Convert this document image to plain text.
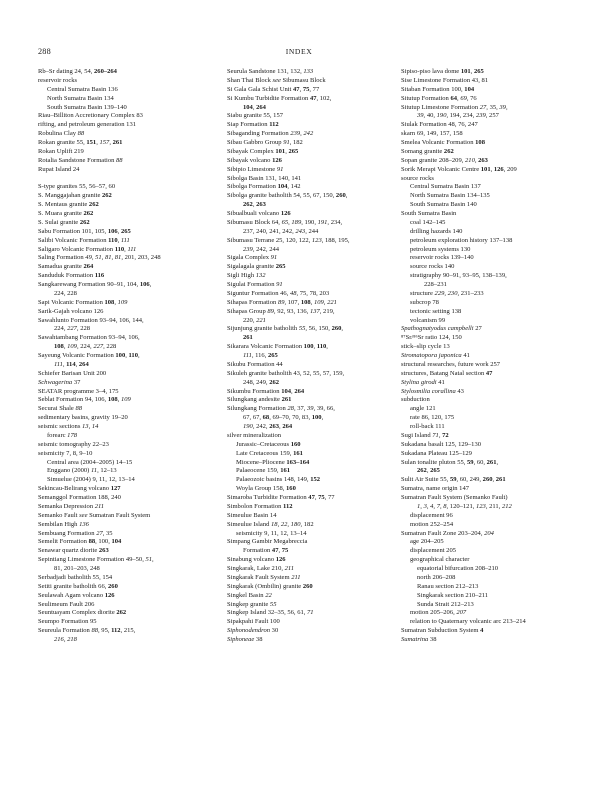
288	INDEX
Rb–Sr dating 24, 54, 260–264
reservoir rocks
Central Sumatra Basin 136
North Sumatra Basin 134
South Sumatra Basin 139–140
Riau–Billiton Accretionary Complex 83
rifting, and petroleum generation 131
Robulina Clay 88
Rokan granite 55, 151, 157, 261
Rokan Uplift 219
Rotalia Sandstone Formation 88
Rupat Island 24
S-type granites 55, 56–57, 60
S. Manggajahan granite 262
S. Mentaus granite 262
S. Muara granite 262
S. Sulai granite 262
Sabu Formation 101, 105, 106, 265
Salibi Volcanic Formation 110, 111
Saligaro Volcanic Formation 110, 111
Saling Formation 49, 51, 81, 81, 201, 203, 248
Samadua granite 264
Sanduduk Formation 116
Sangkarewang Formation 90–91, 104, 106,
224, 228
Sapi Volcanic Formation 108, 109
Sarik-Gajah volcano 126
Sawahlunto Formation 93–94, 106, 144,
224, 227, 228
Sawahtambang Formation 93–94, 106,
108, 109, 224, 227, 228
Sayeung Volcanic Formation 100, 110,
111, 114, 264
Schiefer Barisan Unit 200
Schwagerina 37
SEATAR programme 3–4, 175
Seblat Formation 94, 106, 108, 109
Securai Shale 88
sedimentary basins, gravity 19–20
seismic sections 13, 14
forearc 178
seismic tomography 22–23
seismicity 7, 8, 9–10
Central area (2004–2005) 14–15
Enggano (2000) 11, 12–13
Simuelue (2004) 9, 11, 12, 13–14
Sekincau-Belirang volcano 127
Semanggol Formation 188, 240
Semanka Depression 211
Semanko Fault see Sumatran Fault System
Sembilan High 136
Sembuang Formation 27, 35
Semelit Formation 88, 100, 104
Senawar quartz diorite 263
Sepintiang Limestone Formation 49–50, 51,
81, 201–203, 248
Serbadjadi batholith 55, 154
Setiti granite batholith 66, 260
Seulawah Agam volcano 126
Seulimeum Fault 206
Seuntuayam Complex diorite 262
Seumpo Formation 95
Seureula Formation 88, 95, 112, 215,
216, 218
Seurula Sandstone 131, 132, 133
Shan Thai Block see Sibumasu Block
Si Gala Gala Schist Unit 47, 75, 77
Si Kumbu Turbidite Formation 47, 102,
104, 264
Siabu granite 55, 157
Siap Formation 112
Sibaganding Formation 239, 242
Sibau Gabbro Group 91, 182
Sibayak Complex 101, 265
Sibayak volcano 126
Sibipio Limestone 91
Sibolga Basin 131, 140, 141
Sibolga Formation 104, 142
Sibolga granite batholith 54, 55, 67, 150, 260,
262, 263
Sibualbuali volcano 126
Sibumasu Block 64, 65, 189, 190, 191, 234,
237, 240, 241, 242, 243, 244
Sibumasu Terrane 25, 120, 122, 123, 188, 195,
239, 242, 244
Sigala Complex 91
Sigalagala granite 265
Sigli High 132
Sigulai Formation 91
Siguntur Formation 46, 48, 75, 78, 203
Sihapas Formation 89, 107, 108, 109, 221
Sihapas Group 89, 92, 93, 136, 137, 219,
220, 221
Sijunjung granite batholith 55, 56, 150, 260,
261
Sikarara Volcanic Formation 100, 110,
111, 116, 265
Sikubu Formation 44
Sikuleh granite batholith 43, 52, 55, 57, 159,
248, 249, 262
Sikumbu Formation 104, 264
Silungkang andesite 261
Silungkang Formation 28, 37, 39, 39, 66,
67, 67, 68, 69–70, 70, 83, 100,
190, 242, 263, 264
silver mineralization
Jurassic–Cretaceous 160
Late Cretaceous 159, 161
Miocene–Pliocene 163–164
Palaeocene 159, 161
Palaeozoic basins 148, 149, 152
Woyla Group 158, 160
Simaroba Turbidite Formation 47, 75, 77
Simbolon Formation 112
Simeulue Basin 14
Simeulue Island 18, 22, 180, 182
seismicity 9, 11, 12, 13–14
Simpang Gambir Megabreccia
Formation 47, 75
Sinabung volcano 126
Singkarak, Lake 210, 211
Singkarak Fault System 211
Singkarak (Ombilin) granite 260
Singkel Basin 22
Singkep granite 55
Singkep Island 32–35, 56, 61, 71
Sipakpahi Fault 100
Siphonodendron 30
Siphoneae 38
Sipiso-piso lava dome 101, 265
Sise Limestone Formation 43, 81
Sitaban Formation 100, 104
Situtup Formation 64, 69, 76
Situtup Limestone Formation 27, 35, 39,
39, 40, 190, 194, 234, 239, 257
Siulak Formation 48, 76, 247
skarn 69, 149, 157, 158
Smelea Volcanic Formation 108
Somang granite 262
Sopan granite 208–209, 210, 263
Sorik Merapi Volcanic Centre 101, 126, 209
source rocks
Central Sumatra Basin 137
North Sumatra Basin 134–135
South Sumatra Basin 140
South Sumatra Basin
coal 142–145
drilling hazards 140
petroleum exploration history 137–138
petroleum systems 130
reservoir rocks 139–140
source rocks 140
stratigraphy 90–91, 93–95, 138–139,
228–231
structure 229, 230, 231–233
subcrop 78
tectonic setting 138
volcanism 99
Spathognatyodus campbelli 27
⁸⁷Sr/⁸⁶Sr ratio 124, 150
stick–slip cycle 13
Stromatopora japonica 41
structural researches, future work 257
structures, Batang Natal section 47
Stylina girodi 41
Stylosmilia corallina 43
subduction
angle 121
rate 86, 120, 175
roll-back 111
Sugi Island 71, 72
Sukadana basalt 125, 129–130
Sukadana Plateau 125–129
Sulan tonalite pluton 55, 59, 60, 261,
262, 265
Sulit Air Suite 55, 59, 60, 249, 260, 261
Sumatra, name origin 147
Sumatran Fault System (Semanko Fault)
1, 3, 4, 7, 8, 120–121, 123, 211, 212
displacement 96
motion 252–254
Sumatran Fault Zone 203–204, 204
age 204–205
displacement 205
geographical character
equatorial bifurcation 208–210
north 206–208
Ranau section 212–213
Singkarak section 210–211
Sunda Strait 212–213
motion 205–206, 207
relation to Quaternary volcanic arc 213–214
Sumatran Subduction System 4
Sumatrina 38
